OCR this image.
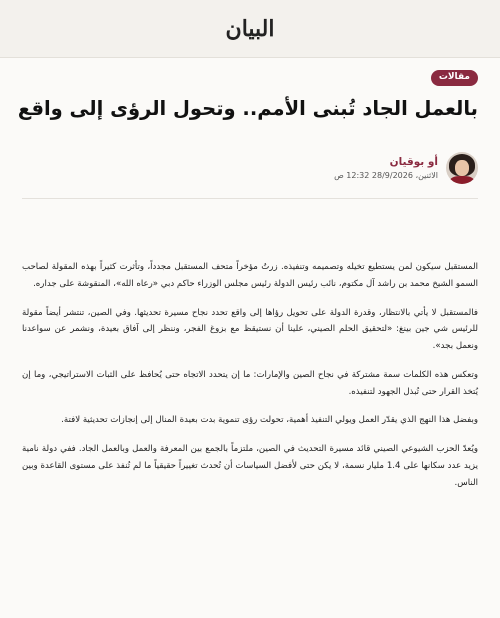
البيان
مقالات
بالعمل الجاد تُبنى الأمم.. وتحول الرؤى إلى واقع
أو بوقيان
الاثنين، 28/9/2026 12:32 ص

المستقبل سيكون لمن يستطيع تخيله وتصميمه وتنفيذه. زرتُ مؤخراً متحف المستقبل مجدداً، وتأثرت كثيراً بهذه المقولة لصاحب السمو الشيخ محمد بن راشد آل مكتوم، نائب رئيس الدولة رئيس مجلس الوزراء حاكم دبي «رعاه الله»، المنقوشة على جداره.

فالمستقبل لا يأتي بالانتظار، وقدرة الدولة على تحويل رؤاها إلى واقع تحدد نجاح مسيرة تحديثها. وفي الصين، تنتشر أيضاً مقولة للرئيس شي جين بينغ: «لتحقيق الحلم الصيني، علينا أن نستيقظ مع بزوغ الفجر، وننظر إلى آفاق بعيدة، ونشمر عن سواعدنا ونعمل بجد».

وتعكس هذه الكلمات سمة مشتركة في نجاح الصين والإمارات: ما إن يتحدد الاتجاه حتى يُحافظ على الثبات الاستراتيجي، وما إن يُتخذ القرار حتى تُبذل الجهود لتنفيذه.

وبفضل هذا النهج الذي يقدّر العمل ويولي التنفيذ أهمية، تحولت رؤى تنموية بدت بعيدة المنال إلى إنجازات تحديثية لافتة.

ويُعدّ الحزب الشيوعي الصيني قائد مسيرة التحديث في الصين، ملتزماً بالجمع بين المعرفة والعمل وبالعمل الجاد. ففي دولة نامية يزيد عدد سكانها على 1.4 مليار نسمة، لا يكن حتى لأفضل السياسات أن تُحدث تغييراً حقيقياً ما لم تُنفذ على مستوى القاعدة وبين الناس.
